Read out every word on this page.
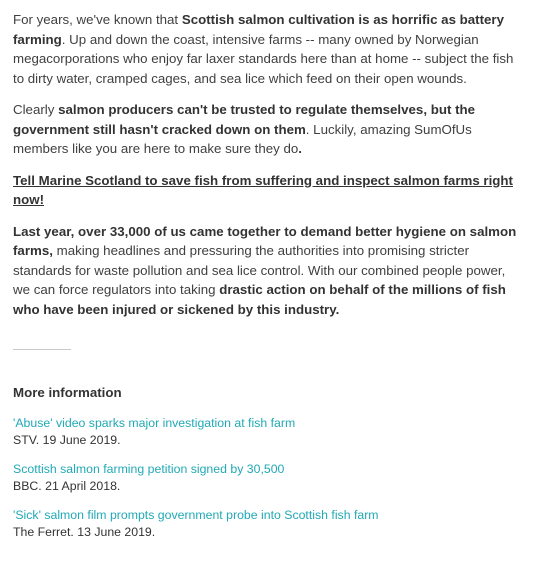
For years, we've known that Scottish salmon cultivation is as horrific as battery farming. Up and down the coast, intensive farms -- many owned by Norwegian megacorporations who enjoy far laxer standards here than at home -- subject the fish to dirty water, cramped cages, and sea lice which feed on their open wounds.

Clearly salmon producers can't be trusted to regulate themselves, but the government still hasn't cracked down on them. Luckily, amazing SumOfUs members like you are here to make sure they do.

Tell Marine Scotland to save fish from suffering and inspect salmon farms right now!

Last year, over 33,000 of us came together to demand better hygiene on salmon farms, making headlines and pressuring the authorities into promising stricter standards for waste pollution and sea lice control. With our combined people power, we can force regulators into taking drastic action on behalf of the millions of fish who have been injured or sickened by this industry.

More information
'Abuse' video sparks major investigation at fish farm
STV. 19 June 2019.
Scottish salmon farming petition signed by 30,500
BBC. 21 April 2018.
'Sick' salmon film prompts government probe into Scottish fish farm
The Ferret. 13 June 2019.
